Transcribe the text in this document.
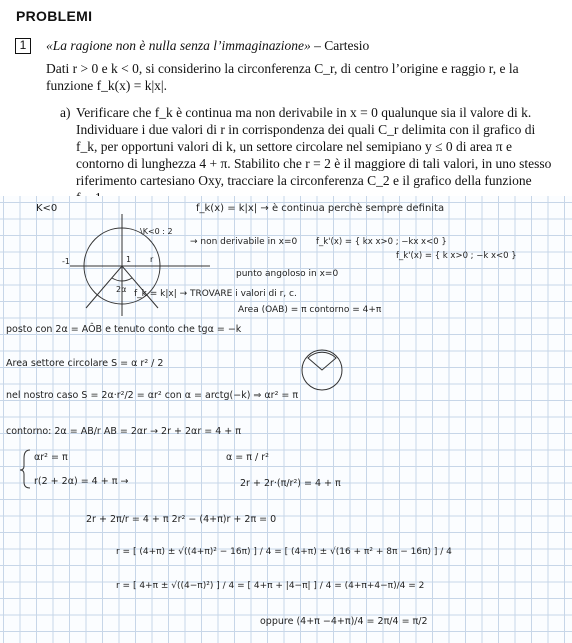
PROBLEMI
1	«La ragione non è nulla senza l’immaginazione» – Cartesio
Dati r > 0 e k < 0, si considerino la circonferenza C_r, di centro l’origine e raggio r, e la funzione f_k(x) = k|x|.
a) Verificare che f_k è continua ma non derivabile in x = 0 qualunque sia il valore di k. Individuare i due valori di r in corrispondenza dei quali C_r delimita con il grafico di f_k, per opportuni valori di k, un settore circolare nel semipiano y ≤ 0 di area π e contorno di lunghezza 4 + π. Stabilito che r = 2 è il maggiore di tali valori, in uno stesso riferimento cartesiano Oxy, tracciare la circonferenza C_2 e il grafico della funzione
K<0
\K<0 : 2
-1	1 r
2α
f_k(x) = k|x| → è continua perchè sempre definita
→ non derivabile in x=0 f_k'(x) = { kx x>0 ; −kx x<0 }
f_k'(x) = { k x>0 ; −k x<0 }
punto angoloso in x=0
f_k = k|x| → TROVARE i valori di r, c.
Area (OAB) = π contorno = 4+π
posto con 2α = AÔB e tenuto conto che tgα = −k
Area settore circolare S = α r² / 2
nel nostro caso S = 2α·r²/2 = αr² con α = arctg(−k) ⇒ αr² = π
contorno: 2α = AB/r AB = 2αr → 2r + 2αr = 4 + π
αr² = π
r(2 + 2α) = 4 + π →
α = π / r²
2r + 2r·(π/r²) = 4 + π
2r + 2π/r = 4 + π 2r² − (4+π)r + 2π = 0
r = [ (4+π) ± √((4+π)² − 16π) ] / 4 = [ (4+π) ± √(16 + π² + 8π − 16π) ] / 4
r = [ 4+π ± √((4−π)²) ] / 4 = [ 4+π + |4−π| ] / 4 = (4+π+4−π)/4 = 2
oppure (4+π −4+π)/4 = 2π/4 = π/2
